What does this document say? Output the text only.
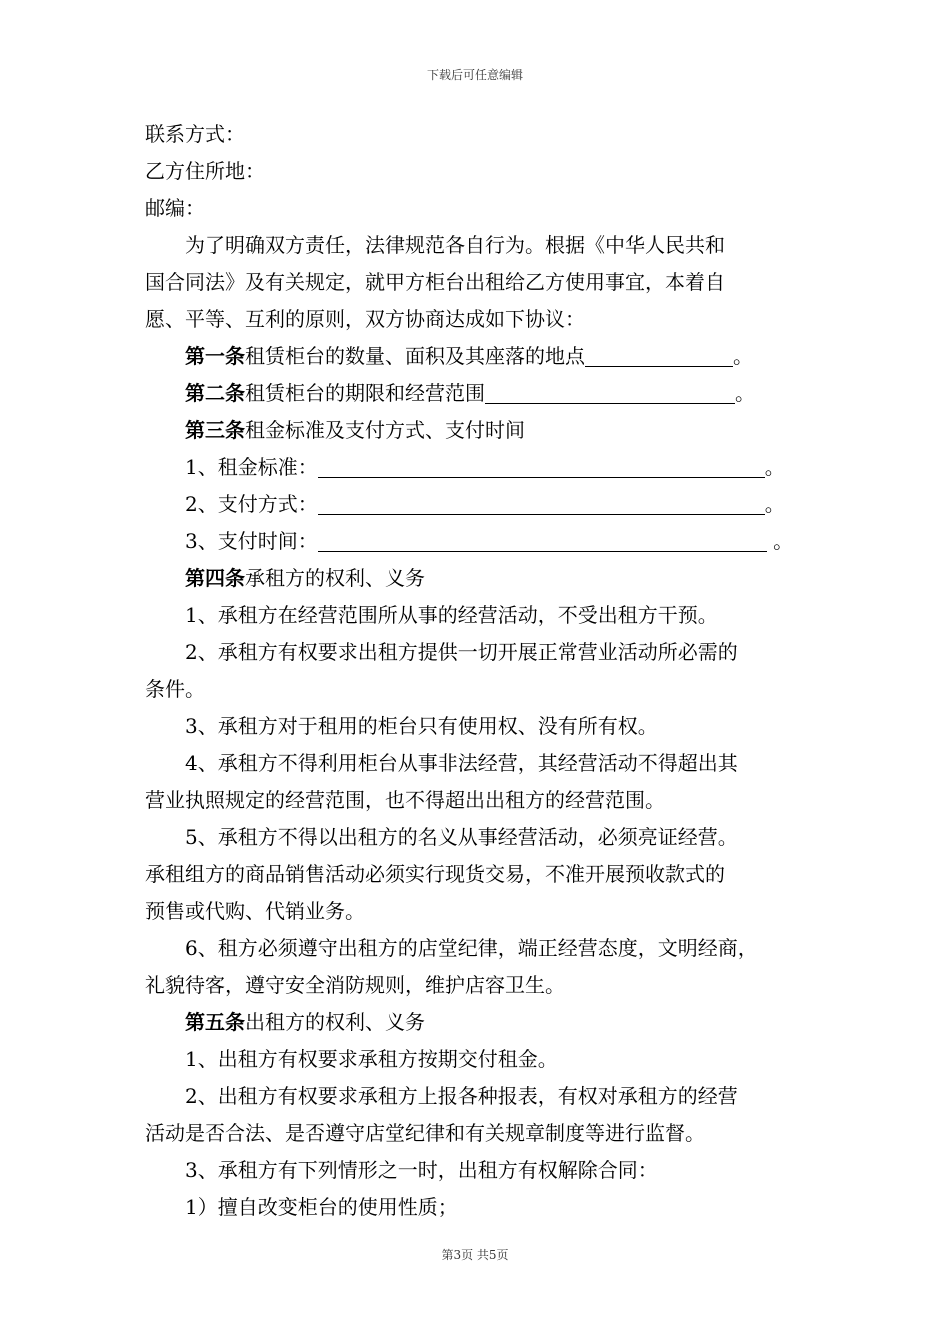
下载后可任意编辑
联系方式：
乙方住所地：
邮编：
为了明确双方责任，法律规范各自行为。根据《中华人民共和
国合同法》及有关规定，就甲方柜台出租给乙方使用事宜，本着自
愿、平等、互利的原则，双方协商达成如下协议：
第一条租赁柜台的数量、面积及其座落的地点	。
第二条租赁柜台的期限和经营范围	。
第三条租金标准及支付方式、支付时间
1、租金标准：	。
2、支付方式：	。
3、支付时间：	。
第四条承租方的权利、义务
1、承租方在经营范围所从事的经营活动，不受出租方干预。
2、承租方有权要求出租方提供一切开展正常营业活动所必需的
条件。
3、承租方对于租用的柜台只有使用权、没有所有权。
4、承租方不得利用柜台从事非法经营，其经营活动不得超出其
营业执照规定的经营范围，也不得超出出租方的经营范围。
5、承租方不得以出租方的名义从事经营活动，必须亮证经营。
承租组方的商品销售活动必须实行现货交易，不准开展预收款式的
预售或代购、代销业务。
6、租方必须遵守出租方的店堂纪律，端正经营态度，文明经商，
礼貌待客，遵守安全消防规则，维护店容卫生。
第五条出租方的权利、义务
1、出租方有权要求承租方按期交付租金。
2、出租方有权要求承租方上报各种报表，有权对承租方的经营
活动是否合法、是否遵守店堂纪律和有关规章制度等进行监督。
3、承租方有下列情形之一时，出租方有权解除合同：
1）擅自改变柜台的使用性质；
第3页 共5页
